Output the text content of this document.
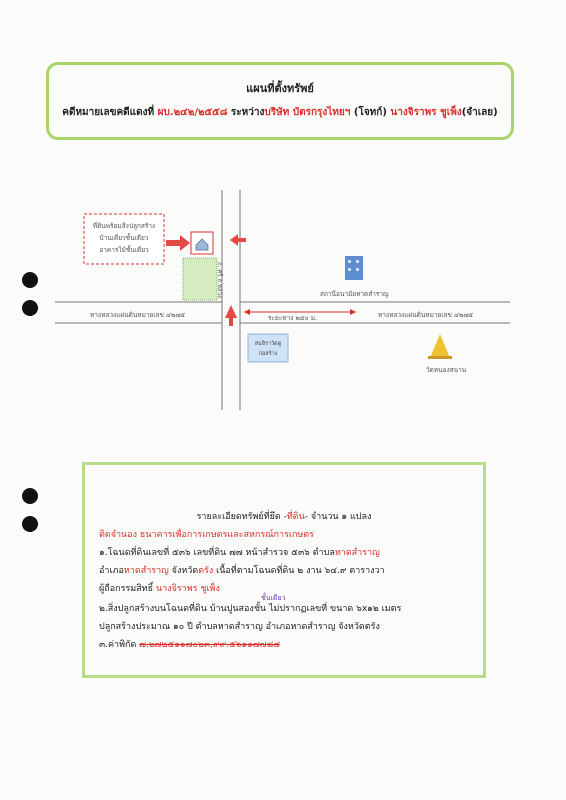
แผนที่ตั้งทรัพย์
คดีหมายเลขคดีแดงที่ ผบ.๒๔๒/๒๕๕๘ ระหว่างบริษัท บัตรกรุงไทยฯ (โจทก์) นางจิราพร ชูเพ็ง(จำเลย)
ที่ดินพร้อมสิ่งปลูกสร้าง
บ้านเดี่ยวชั้นเดียว
อาคารไม้ชั้นเดียว
ถ. ศรี ล.หลวง	สถานีอนามัยหาดสำราญ
ทางหลวงแผ่นดินหมายเลข ๔๒๗๕	ระยะทาง ๒๕๐ ม.	ทางหลวงแผ่นดินหมายเลข ๔๒๗๕
สนจิราวัดดู
ก่อสร้าง
วัดหนองสนาน
รายละเอียดทรัพย์ที่ยึด -ที่ดิน- จำนวน ๑ แปลง
ติดจำนอง ธนาคารเพื่อการเกษตรและสหกรณ์การเกษตร
๑.โฉนดที่ดินเลขที่ ๕๓๖ เลขที่ดิน ๗๗ หน้าสำรวจ ๕๓๖ ตำบลหาดสำราญ
อำเภอหาดสำราญ จังหวัดตรัง เนื้อที่ตามโฉนดที่ดิน ๒ งาน ๖๔.๙ ตารางวา
ผู้ถือกรรมสิทธิ์ นางจิราพร ชูเพ็ง
ชั้นเดียว
๒.สิ่งปลูกสร้างบนโฉนดที่ดิน บ้านปูนสองชั้น ไม่ปรากฏเลขที่ ขนาด ๖x๑๒ เมตร
ปลูกสร้างประมาณ ๑๐ ปี ตำบลหาดสำราญ อำเภอหาดสำราญ จังหวัดตรัง
๓.ค่าพิกัด ๗.๒๗๒๕๑๑๗๐๒๓,๙๙.๕๖๑๑๗๗๘๔
